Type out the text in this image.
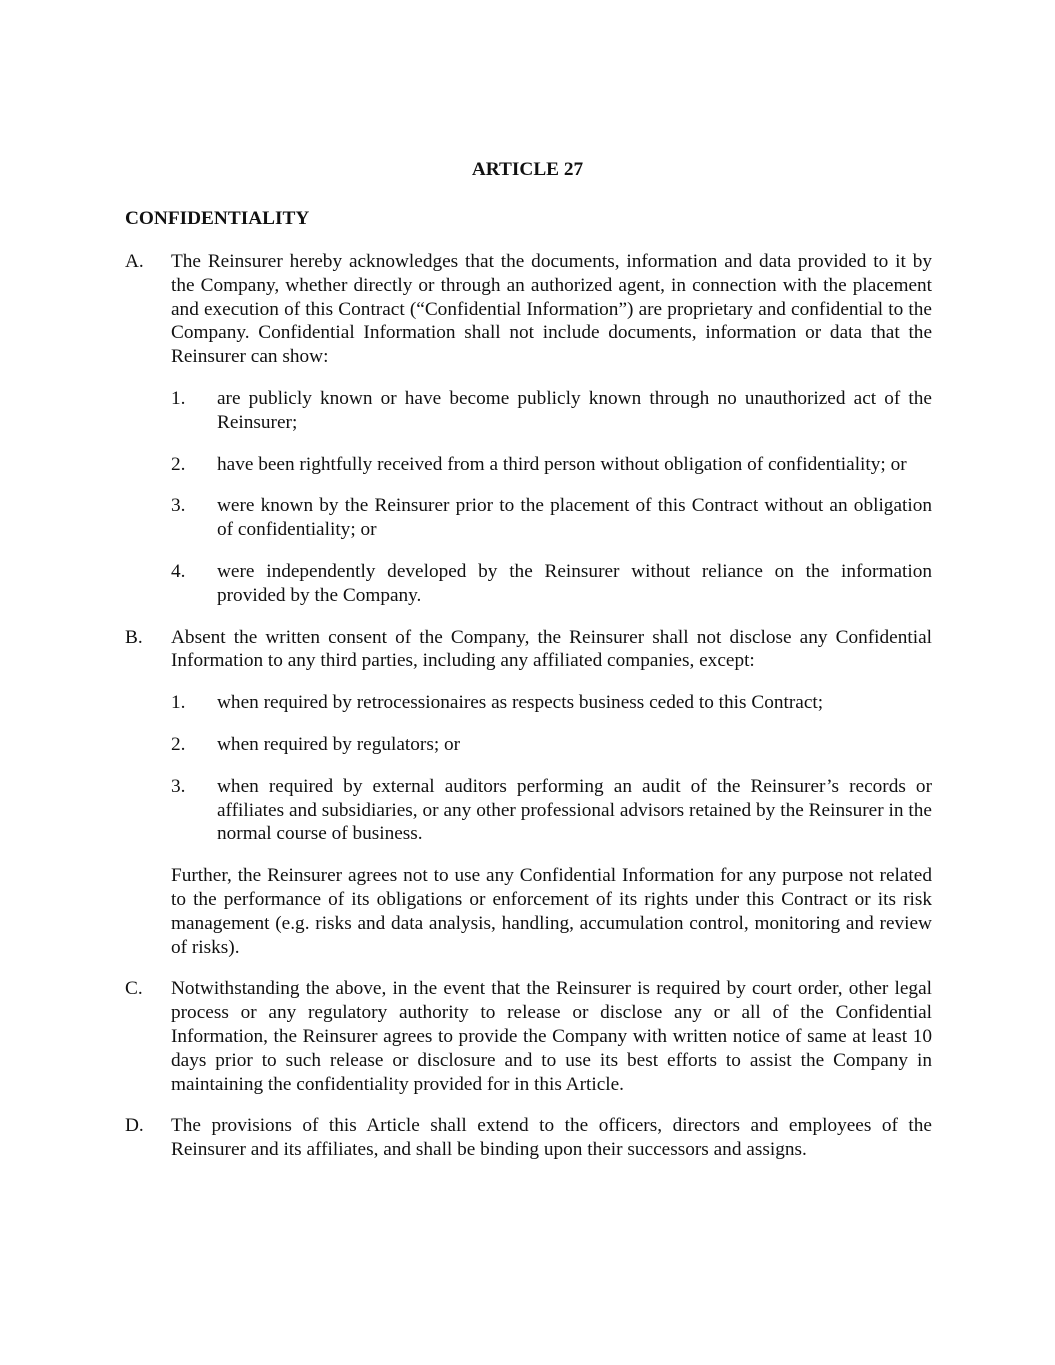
ARTICLE 27
CONFIDENTIALITY
A.	The Reinsurer hereby acknowledges that the documents, information and data provided to it by the Company, whether directly or through an authorized agent, in connection with the placement and execution of this Contract (“Confidential Information”) are proprietary and confidential to the Company. Confidential Information shall not include documents, information or data that the Reinsurer can show:

1.	are publicly known or have become publicly known through no unauthorized act of the Reinsurer;
2.	have been rightfully received from a third person without obligation of confidentiality; or
3.	were known by the Reinsurer prior to the placement of this Contract without an obligation of confidentiality; or
4.	were independently developed by the Reinsurer without reliance on the information provided by the Company.
B.	Absent the written consent of the Company, the Reinsurer shall not disclose any Confidential Information to any third parties, including any affiliated companies, except:

1.	when required by retrocessionaires as respects business ceded to this Contract;
2.	when required by regulators; or
3.	when required by external auditors performing an audit of the Reinsurer’s records or affiliates and subsidiaries, or any other professional advisors retained by the Reinsurer in the normal course of business.

Further, the Reinsurer agrees not to use any Confidential Information for any purpose not related to the performance of its obligations or enforcement of its rights under this Contract or its risk management (e.g. risks and data analysis, handling, accumulation control, monitoring and review of risks).

C.	Notwithstanding the above, in the event that the Reinsurer is required by court order, other legal process or any regulatory authority to release or disclose any or all of the Confidential Information, the Reinsurer agrees to provide the Company with written notice of same at least 10 days prior to such release or disclosure and to use its best efforts to assist the Company in maintaining the confidentiality provided for in this Article.

D.	The provisions of this Article shall extend to the officers, directors and employees of the Reinsurer and its affiliates, and shall be binding upon their successors and assigns.
